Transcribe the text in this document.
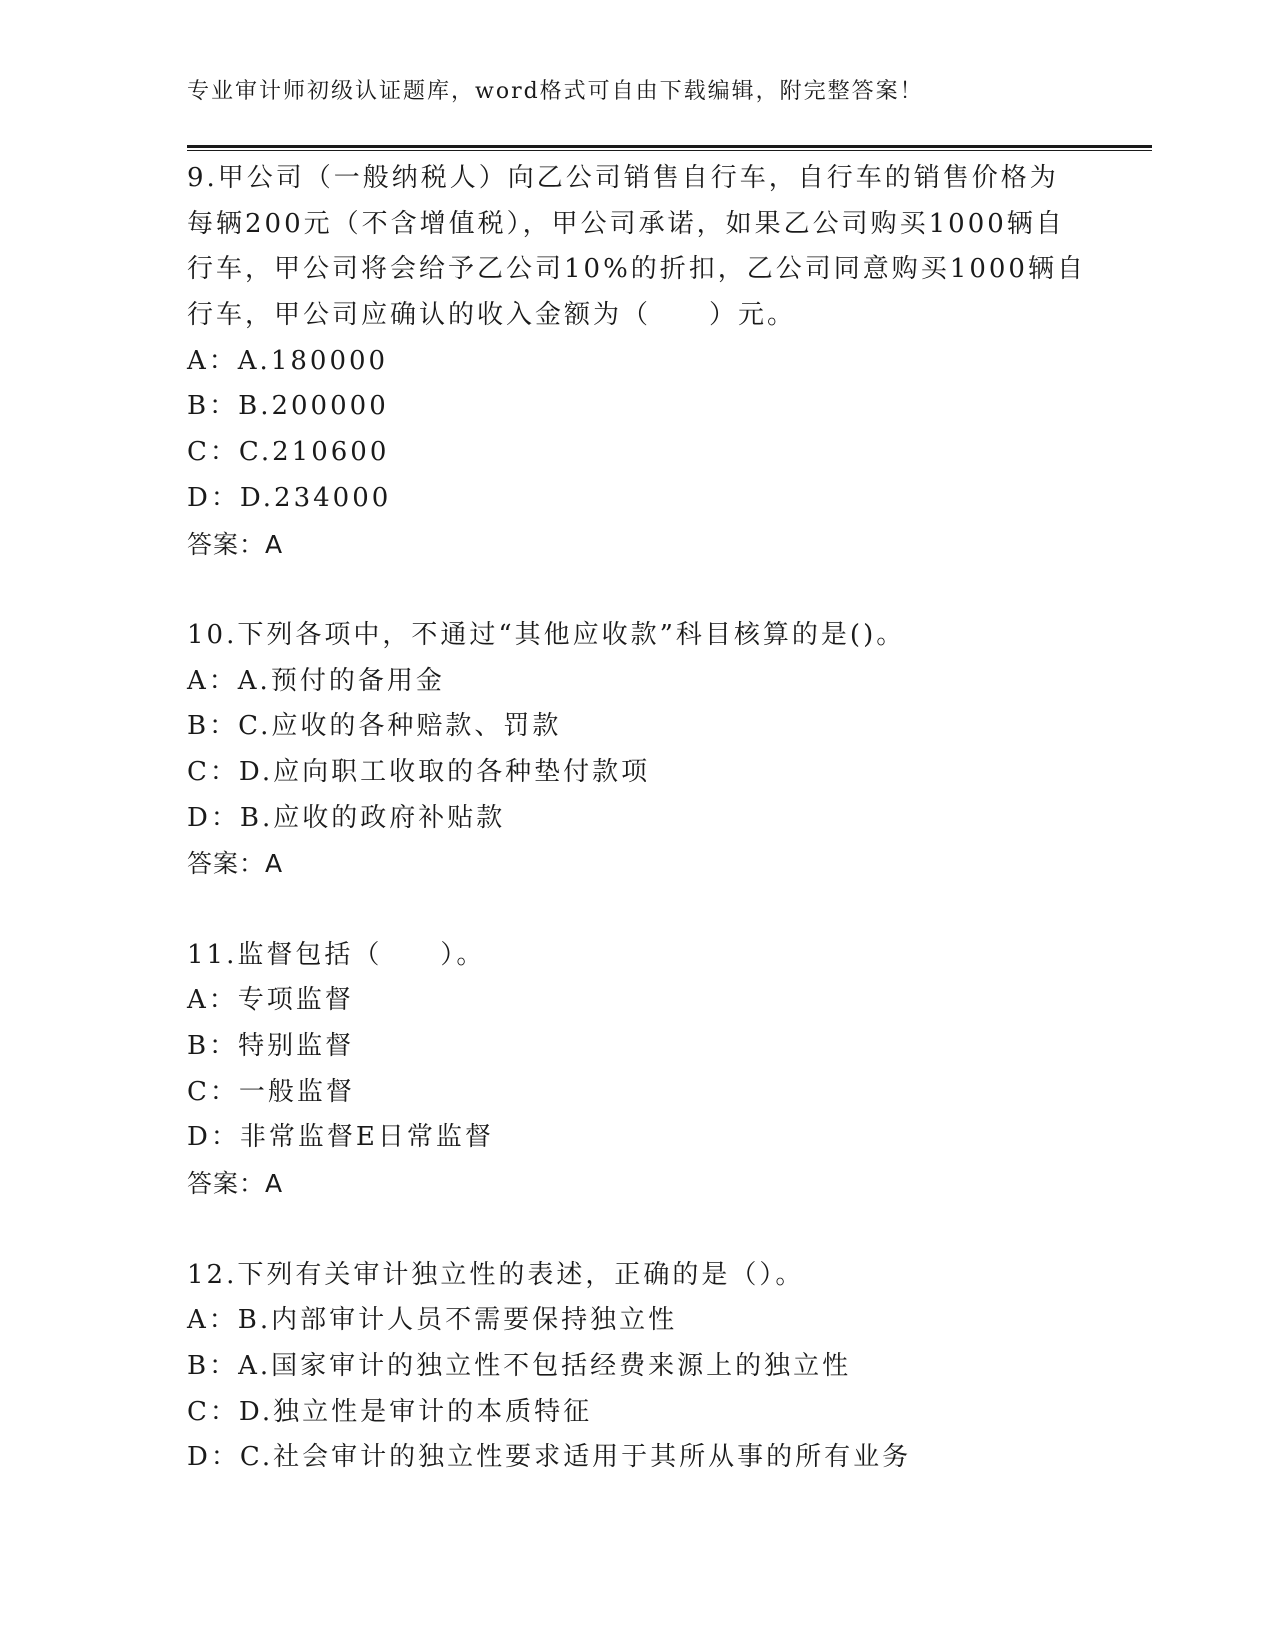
专业审计师初级认证题库，word格式可自由下载编辑，附完整答案！
9.甲公司（一般纳税人）向乙公司销售自行车，自行车的销售价格为
每辆200元（不含增值税），甲公司承诺，如果乙公司购买1000辆自
行车，甲公司将会给予乙公司10%的折扣，乙公司同意购买1000辆自
行车，甲公司应确认的收入金额为（　　）元。
A：A.180000
B：B.200000
C：C.210600
D：D.234000
答案：A
10.下列各项中，不通过“其他应收款”科目核算的是()。
A：A.预付的备用金
B：C.应收的各种赔款、罚款
C：D.应向职工收取的各种垫付款项
D：B.应收的政府补贴款
答案：A
11.监督包括（　　）。
A：专项监督
B：特别监督
C：一般监督
D：非常监督E日常监督
答案：A
12.下列有关审计独立性的表述，正确的是（）。
A：B.内部审计人员不需要保持独立性
B：A.国家审计的独立性不包括经费来源上的独立性
C：D.独立性是审计的本质特征
D：C.社会审计的独立性要求适用于其所从事的所有业务
